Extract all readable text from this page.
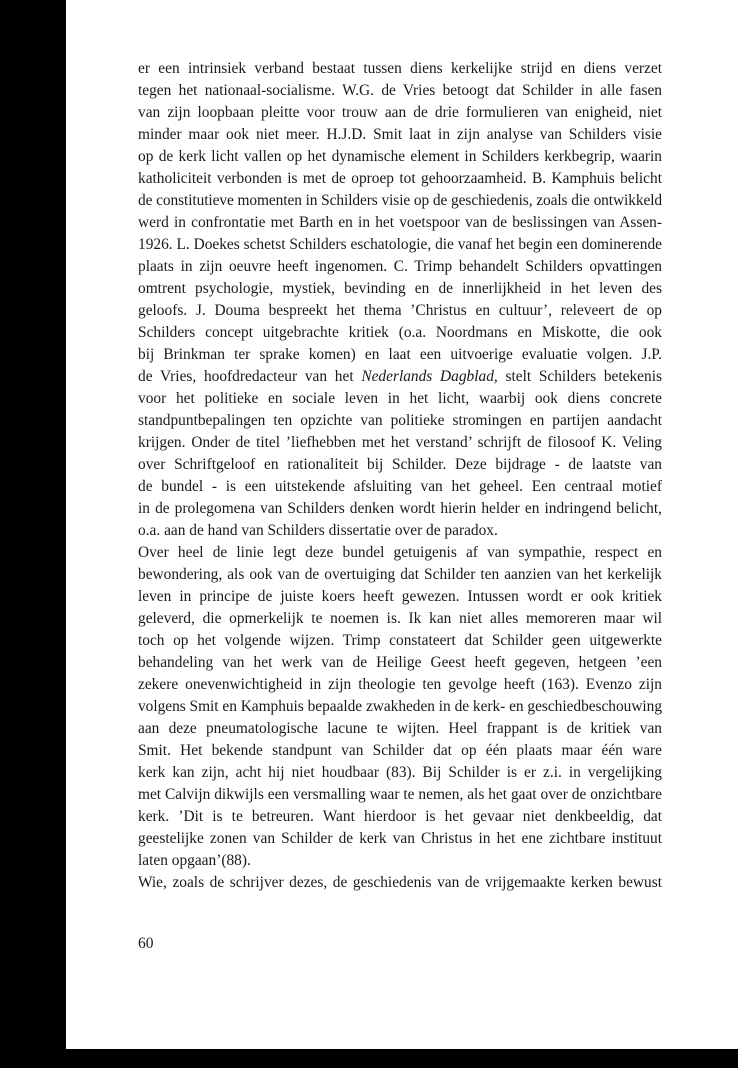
er een intrinsiek verband bestaat tussen diens kerkelijke strijd en diens verzet
tegen het nationaal-socialisme. W.G. de Vries betoogt dat Schilder in alle fasen
van zijn loopbaan pleitte voor trouw aan de drie formulieren van enigheid, niet
minder maar ook niet meer. H.J.D. Smit laat in zijn analyse van Schilders visie
op de kerk licht vallen op het dynamische element in Schilders kerkbegrip, waarin
katholiciteit verbonden is met de oproep tot gehoorzaamheid. B. Kamphuis belicht
de constitutieve momenten in Schilders visie op de geschiedenis, zoals die ontwikkeld
werd in confrontatie met Barth en in het voetspoor van de beslissingen van Assen-
1926. L. Doekes schetst Schilders eschatologie, die vanaf het begin een dominerende
plaats in zijn oeuvre heeft ingenomen. C. Trimp behandelt Schilders opvattingen
omtrent psychologie, mystiek, bevinding en de innerlijkheid in het leven des
geloofs. J. Douma bespreekt het thema ’Christus en cultuur’, releveert de op
Schilders concept uitgebrachte kritiek (o.a. Noordmans en Miskotte, die ook
bij Brinkman ter sprake komen) en laat een uitvoerige evaluatie volgen. J.P.
de Vries, hoofdredacteur van het Nederlands Dagblad, stelt Schilders betekenis
voor het politieke en sociale leven in het licht, waarbij ook diens concrete
standpuntbepalingen ten opzichte van politieke stromingen en partijen aandacht
krijgen. Onder de titel ’liefhebben met het verstand’ schrijft de filosoof K. Veling
over Schriftgeloof en rationaliteit bij Schilder. Deze bijdrage - de laatste van
de bundel - is een uitstekende afsluiting van het geheel. Een centraal motief
in de prolegomena van Schilders denken wordt hierin helder en indringend belicht,
o.a. aan de hand van Schilders dissertatie over de paradox.
Over heel de linie legt deze bundel getuigenis af van sympathie, respect en
bewondering, als ook van de overtuiging dat Schilder ten aanzien van het kerkelijk
leven in principe de juiste koers heeft gewezen. Intussen wordt er ook kritiek
geleverd, die opmerkelijk te noemen is. Ik kan niet alles memoreren maar wil
toch op het volgende wijzen. Trimp constateert dat Schilder geen uitgewerkte
behandeling van het werk van de Heilige Geest heeft gegeven, hetgeen ’een
zekere onevenwichtigheid in zijn theologie ten gevolge heeft (163). Evenzo zijn
volgens Smit en Kamphuis bepaalde zwakheden in de kerk- en geschiedbeschouwing
aan deze pneumatologische lacune te wijten. Heel frappant is de kritiek van
Smit. Het bekende standpunt van Schilder dat op één plaats maar één ware
kerk kan zijn, acht hij niet houdbaar (83). Bij Schilder is er z.i. in vergelijking
met Calvijn dikwijls een versmalling waar te nemen, als het gaat over de onzichtbare
kerk. ’Dit is te betreuren. Want hierdoor is het gevaar niet denkbeeldig, dat
geestelijke zonen van Schilder de kerk van Christus in het ene zichtbare instituut
laten opgaan’(88).
Wie, zoals de schrijver dezes, de geschiedenis van de vrijgemaakte kerken bewust
60
